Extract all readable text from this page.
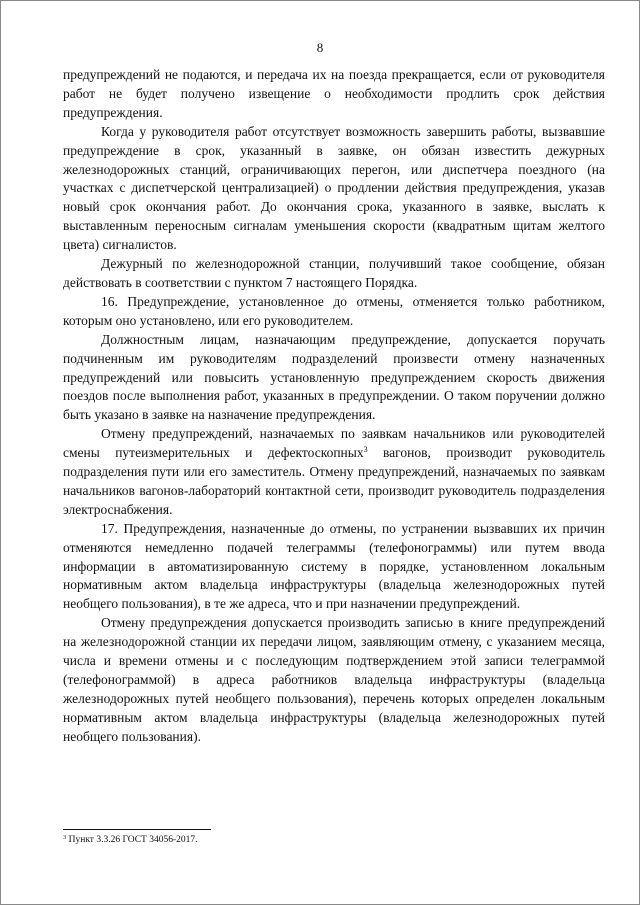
8

предупреждений не подаются, и передача их на поезда прекращается, если от руководителя работ не будет получено извещение о необходимости продлить срок действия предупреждения.

Когда у руководителя работ отсутствует возможность завершить работы, вызвавшие предупреждение в срок, указанный в заявке, он обязан известить дежурных железнодорожных станций, ограничивающих перегон, или диспетчера поездного (на участках с диспетчерской централизацией) о продлении действия предупреждения, указав новый срок окончания работ. До окончания срока, указанного в заявке, выслать к выставленным переносным сигналам уменьшения скорости (квадратным щитам желтого цвета) сигналистов.

Дежурный по железнодорожной станции, получивший такое сообщение, обязан действовать в соответствии с пунктом 7 настоящего Порядка.

16. Предупреждение, установленное до отмены, отменяется только работником, которым оно установлено, или его руководителем.

Должностным лицам, назначающим предупреждение, допускается поручать подчиненным им руководителям подразделений произвести отмену назначенных предупреждений или повысить установленную предупреждением скорость движения поездов после выполнения работ, указанных в предупреждении. О таком поручении должно быть указано в заявке на назначение предупреждения.

Отмену предупреждений, назначаемых по заявкам начальников или руководителей смены путеизмерительных и дефектоскопных$^3$ вагонов, производит руководитель подразделения пути или его заместитель. Отмену предупреждений, назначаемых по заявкам начальников вагонов-лабораторий контактной сети, производит руководитель подразделения электроснабжения.

17. Предупреждения, назначенные до отмены, по устранении вызвавших их причин отменяются немедленно подачей телеграммы (телефонограммы) или путем ввода информации в автоматизированную систему в порядке, установленном локальным нормативным актом владельца инфраструктуры (владельца железнодорожных путей необщего пользования), в те же адреса, что и при назначении предупреждений.

Отмену предупреждения допускается производить записью в книге предупреждений на железнодорожной станции их передачи лицом, заявляющим отмену, с указанием месяца, числа и времени отмены и с последующим подтверждением этой записи телеграммой (телефонограммой) в адреса работников владельца инфраструктуры (владельца железнодорожных путей необщего пользования), перечень которых определен локальным нормативным актом владельца инфраструктуры (владельца железнодорожных путей необщего пользования).

$^3$ Пункт 3.3.26 ГОСТ 34056-2017.
